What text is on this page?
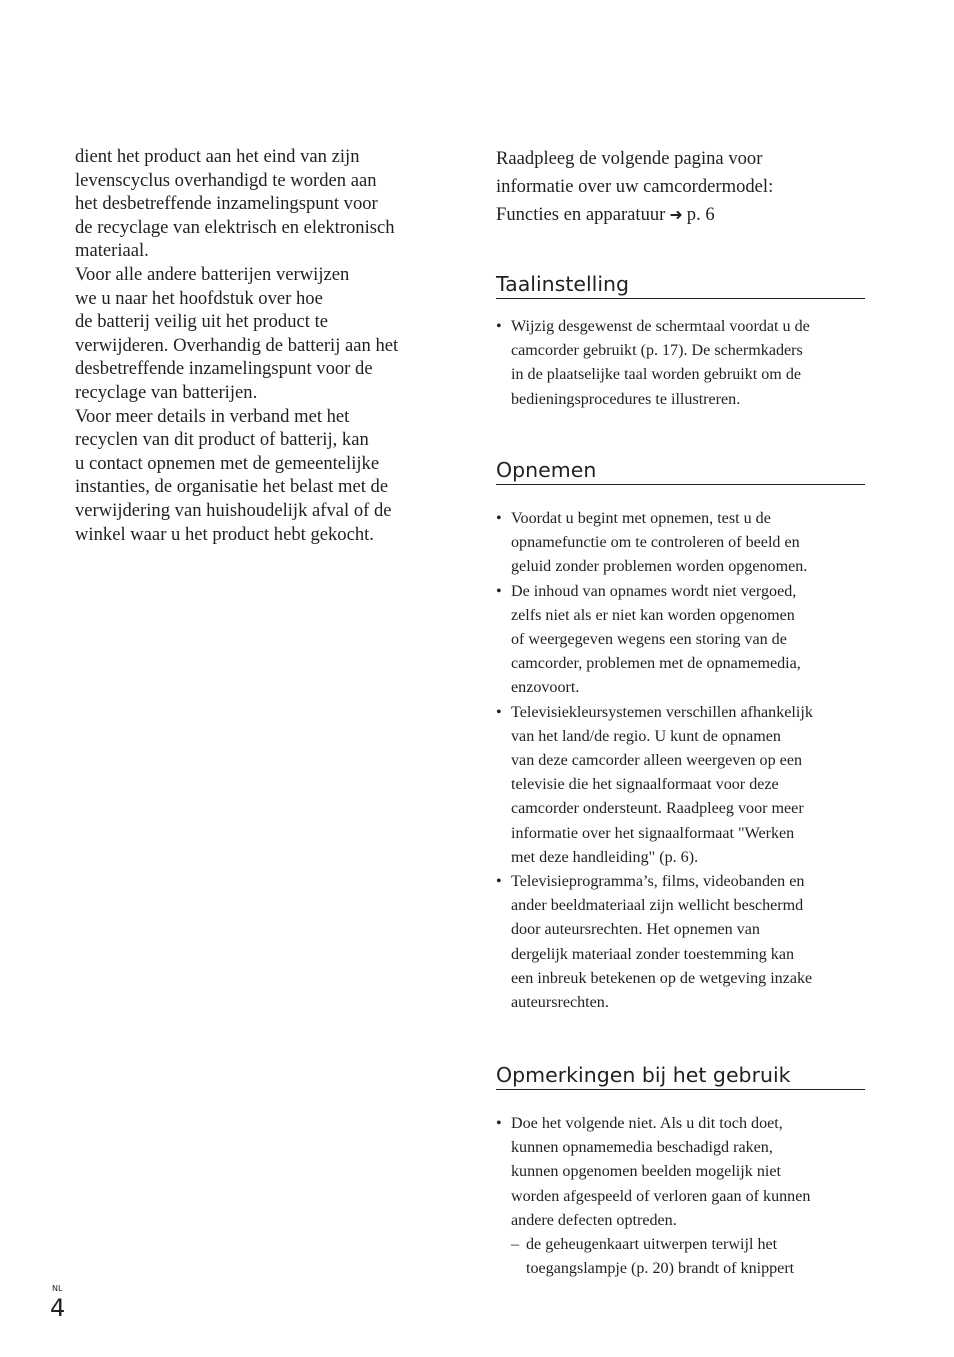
dient het product aan het eind van zijn
levenscyclus overhandigd te worden aan
het desbetreffende inzamelingspunt voor
de recyclage van elektrisch en elektronisch
materiaal.
Voor alle andere batterijen verwijzen
we u naar het hoofdstuk over hoe
de batterij veilig uit het product te
verwijderen. Overhandig de batterij aan het
desbetreffende inzamelingspunt voor de
recyclage van batterijen.
Voor meer details in verband met het
recyclen van dit product of batterij, kan
u contact opnemen met de gemeentelijke
instanties, de organisatie het belast met de
verwijdering van huishoudelijk afval of de
winkel waar u het product hebt gekocht.
Raadpleeg de volgende pagina voor
informatie over uw camcordermodel:
Functies en apparatuur ➜ p. 6
Taalinstelling
• Wijzig desgewenst de schermtaal voordat u de
camcorder gebruikt (p. 17). De schermkaders
in de plaatselijke taal worden gebruikt om de
bedieningsprocedures te illustreren.
Opnemen
• Voordat u begint met opnemen, test u de
opnamefunctie om te controleren of beeld en
geluid zonder problemen worden opgenomen.
• De inhoud van opnames wordt niet vergoed,
zelfs niet als er niet kan worden opgenomen
of weergegeven wegens een storing van de
camcorder, problemen met de opnamemedia,
enzovoort.
• Televisiekleursystemen verschillen afhankelijk
van het land/de regio. U kunt de opnamen
van deze camcorder alleen weergeven op een
televisie die het signaalformaat voor deze
camcorder ondersteunt. Raadpleeg voor meer
informatie over het signaalformaat "Werken
met deze handleiding" (p. 6).
• Televisieprogramma’s, films, videobanden en
ander beeldmateriaal zijn wellicht beschermd
door auteursrechten. Het opnemen van
dergelijk materiaal zonder toestemming kan
een inbreuk betekenen op de wetgeving inzake
auteursrechten.
Opmerkingen bij het gebruik
• Doe het volgende niet. Als u dit toch doet,
kunnen opnamemedia beschadigd raken,
kunnen opgenomen beelden mogelijk niet
worden afgespeeld of verloren gaan of kunnen
andere defecten optreden.
– de geheugenkaart uitwerpen terwijl het
toegangslampje (p. 20) brandt of knippert
NL
4
